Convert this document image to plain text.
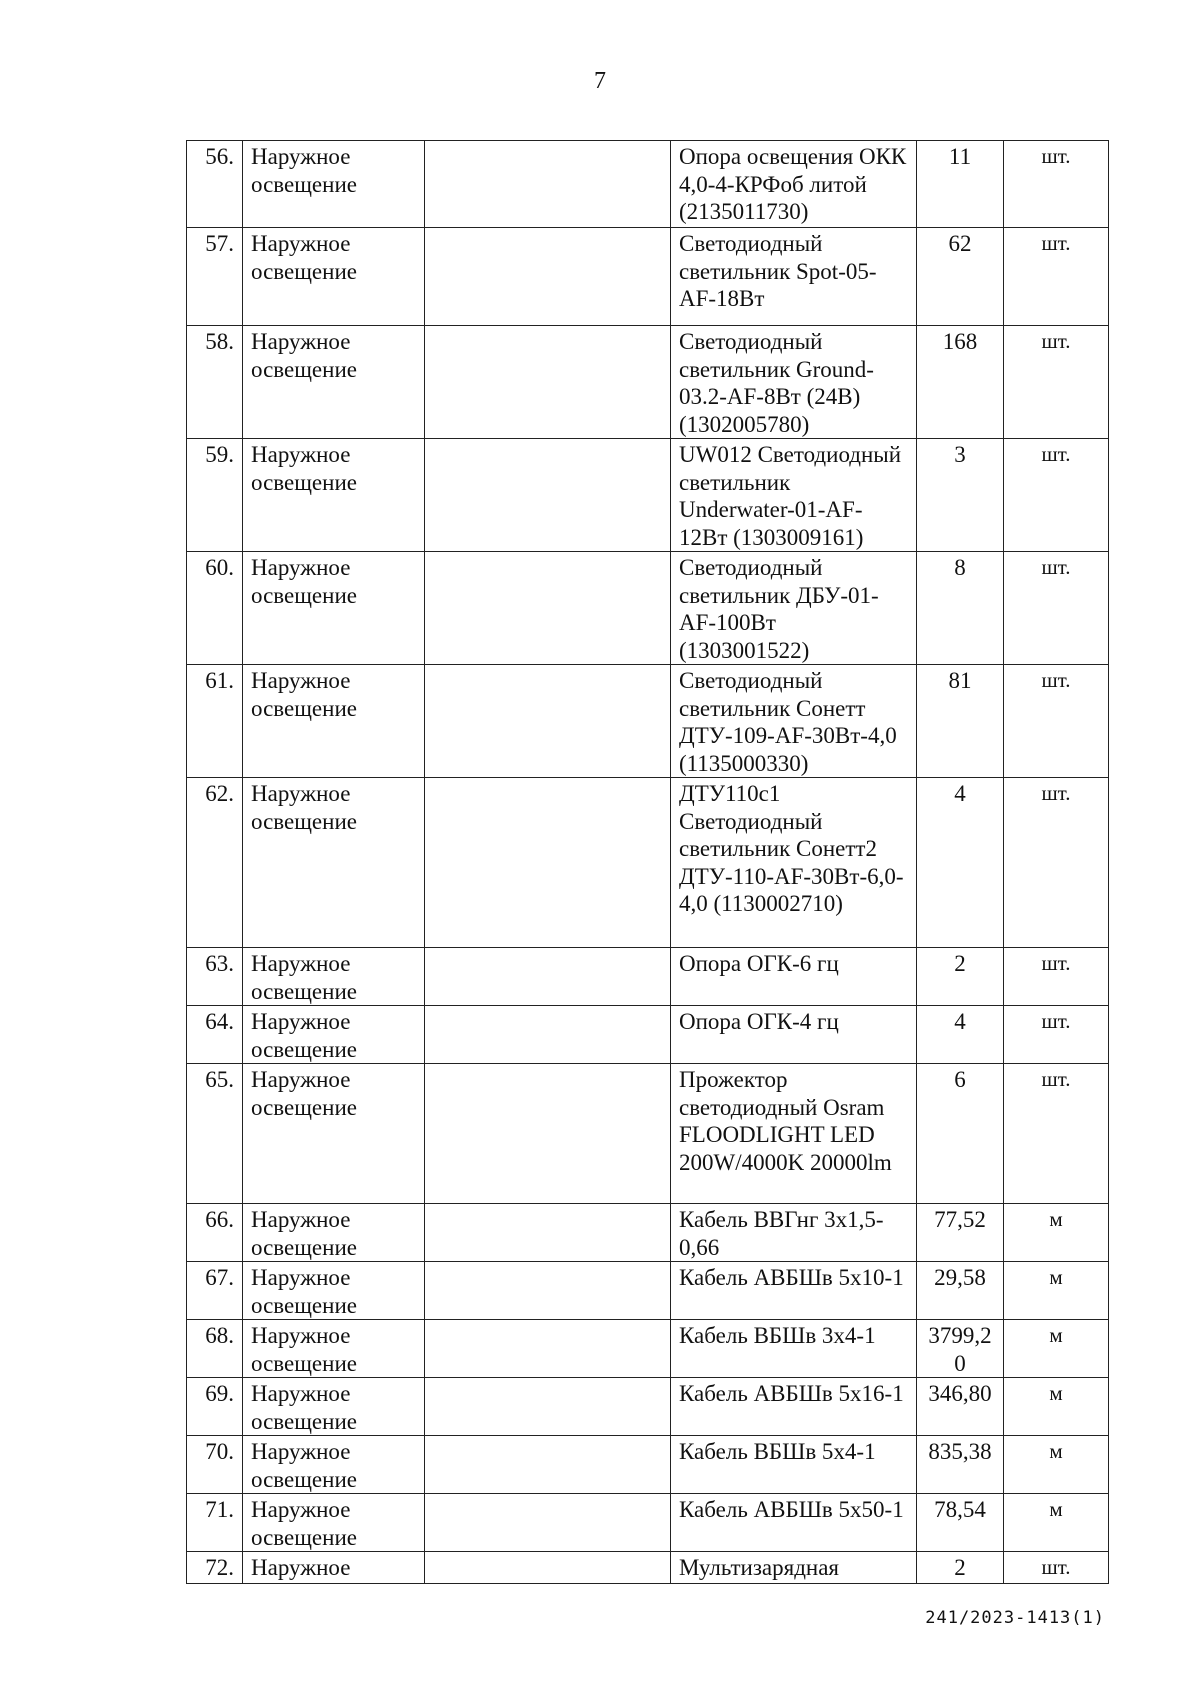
7
56.	Наружное освещение		Опора освещения ОКК 4,0-4-КРФоб литой (2135011730)	11	шт.
57.	Наружное освещение		Светодиодный светильник Spot-05-AF-18Вт	62	шт.
58.	Наружное освещение		Светодиодный светильник Ground-03.2-AF-8Вт (24В) (1302005780)	168	шт.
59.	Наружное освещение		UW012 Светодиодный светильник Underwater-01-AF-12Вт (1303009161)	3	шт.
60.	Наружное освещение		Светодиодный светильник ДБУ-01-AF-100Вт (1303001522)	8	шт.
61.	Наружное освещение		Светодиодный светильник Сонетт ДТУ-109-AF-30Вт-4,0 (1135000330)	81	шт.
62.	Наружное освещение		ДТУ110с1 Светодиодный светильник Сонетт2 ДТУ-110-AF-30Вт-6,0-4,0 (1130002710)	4	шт.
63.	Наружное освещение		Опора ОГК-6 гц	2	шт.
64.	Наружное освещение		Опора ОГК-4 гц	4	шт.
65.	Наружное освещение		Прожектор светодиодный Osram FLOODLIGHT LED 200W/4000K 20000lm	6	шт.
66.	Наружное освещение		Кабель ВВГнг 3х1,5-0,66	77,52	м
67.	Наружное освещение		Кабель АВБШв 5х10-1	29,58	м
68.	Наружное освещение		Кабель ВБШв 3х4-1	3799,20	м
69.	Наружное освещение		Кабель АВБШв 5х16-1	346,80	м
70.	Наружное освещение		Кабель ВБШв 5х4-1	835,38	м
71.	Наружное освещение		Кабель АВБШв 5х50-1	78,54	м
72.	Наружное		Мультизарядная	2	шт.
241/2023-1413(1)
